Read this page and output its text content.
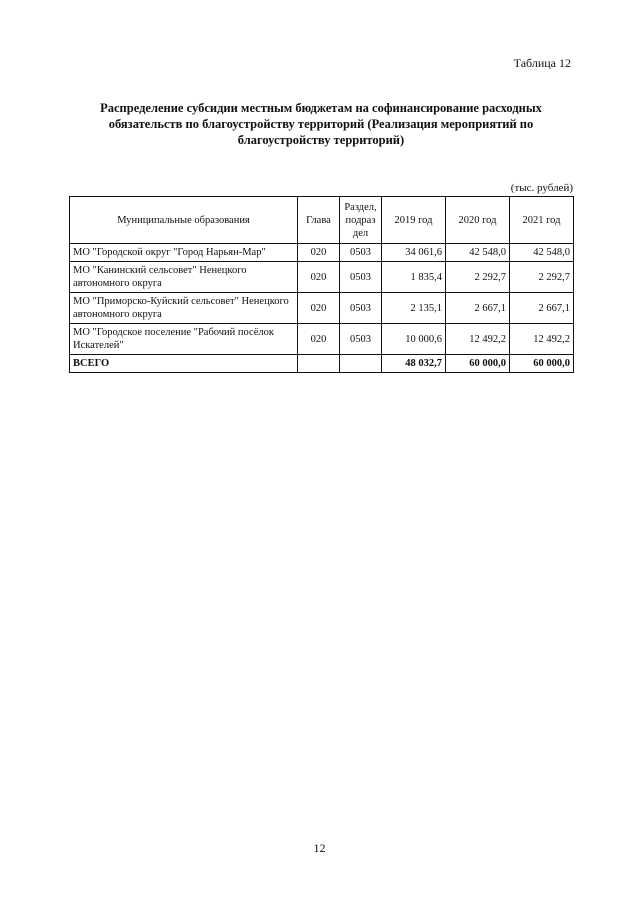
Таблица 12
Распределение субсидии местным бюджетам на софинансирование расходных обязательств по благоустройству территорий (Реализация мероприятий по благоустройству территорий)
(тыс. рублей)
Муниципальные образования	Глава	Раздел, подраз дел	2019 год	2020 год	2021 год
МО "Городской округ "Город Нарьян-Мар"	020	0503	34 061,6	42 548,0	42 548,0
МО "Канинский сельсовет" Ненецкого автономного округа	020	0503	1 835,4	2 292,7	2 292,7
МО "Приморско-Куйский сельсовет" Ненецкого автономного округа	020	0503	2 135,1	2 667,1	2 667,1
МО "Городское поселение "Рабочий посёлок Искателей"	020	0503	10 000,6	12 492,2	12 492,2
ВСЕГО			48 032,7	60 000,0	60 000,0
12
